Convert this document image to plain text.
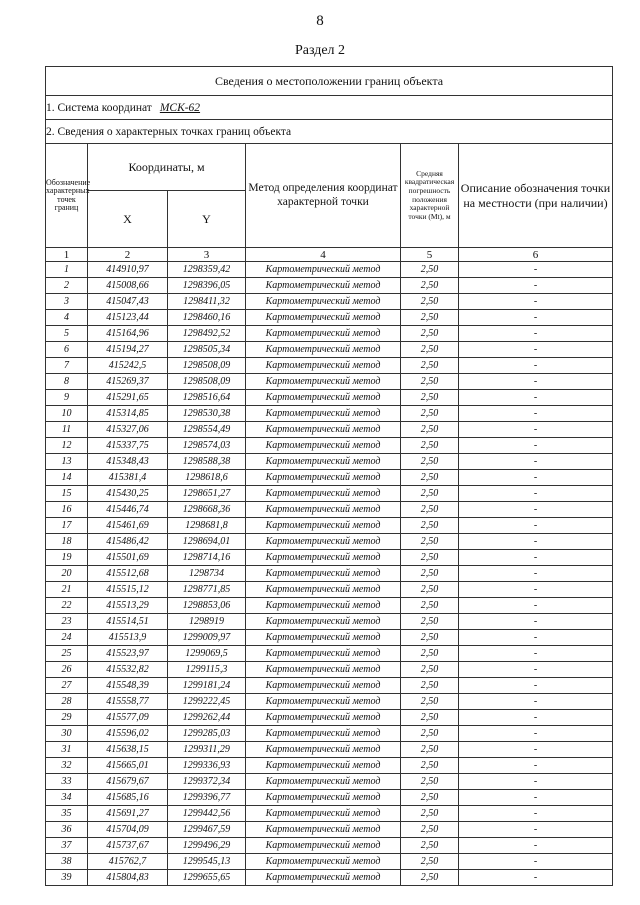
8
Раздел 2
Сведения о местоположении границ объекта					
1. Система координат МСК-62					
2. Сведения о характерных точках границ объекта					
Обозначение характерных точек границ	Координаты, м		Метод определения координат характерной точки	Средняя квадратическая погрешность положения характерной точки (Mt), м	Описание обозначения точки на местности (при наличии)
	X	Y			
1	2	3	4	5	6
1	414910,97	1298359,42	Картометрический метод	2,50	-
2	415008,66	1298396,05	Картометрический метод	2,50	-
3	415047,43	1298411,32	Картометрический метод	2,50	-
4	415123,44	1298460,16	Картометрический метод	2,50	-
5	415164,96	1298492,52	Картометрический метод	2,50	-
6	415194,27	1298505,34	Картометрический метод	2,50	-
7	415242,5	1298508,09	Картометрический метод	2,50	-
8	415269,37	1298508,09	Картометрический метод	2,50	-
9	415291,65	1298516,64	Картометрический метод	2,50	-
10	415314,85	1298530,38	Картометрический метод	2,50	-
11	415327,06	1298554,49	Картометрический метод	2,50	-
12	415337,75	1298574,03	Картометрический метод	2,50	-
13	415348,43	1298588,38	Картометрический метод	2,50	-
14	415381,4	1298618,6	Картометрический метод	2,50	-
15	415430,25	1298651,27	Картометрический метод	2,50	-
16	415446,74	1298668,36	Картометрический метод	2,50	-
17	415461,69	1298681,8	Картометрический метод	2,50	-
18	415486,42	1298694,01	Картометрический метод	2,50	-
19	415501,69	1298714,16	Картометрический метод	2,50	-
20	415512,68	1298734	Картометрический метод	2,50	-
21	415515,12	1298771,85	Картометрический метод	2,50	-
22	415513,29	1298853,06	Картометрический метод	2,50	-
23	415514,51	1298919	Картометрический метод	2,50	-
24	415513,9	1299009,97	Картометрический метод	2,50	-
25	415523,97	1299069,5	Картометрический метод	2,50	-
26	415532,82	1299115,3	Картометрический метод	2,50	-
27	415548,39	1299181,24	Картометрический метод	2,50	-
28	415558,77	1299222,45	Картометрический метод	2,50	-
29	415577,09	1299262,44	Картометрический метод	2,50	-
30	415596,02	1299285,03	Картометрический метод	2,50	-
31	415638,15	1299311,29	Картометрический метод	2,50	-
32	415665,01	1299336,93	Картометрический метод	2,50	-
33	415679,67	1299372,34	Картометрический метод	2,50	-
34	415685,16	1299396,77	Картометрический метод	2,50	-
35	415691,27	1299442,56	Картометрический метод	2,50	-
36	415704,09	1299467,59	Картометрический метод	2,50	-
37	415737,67	1299496,29	Картометрический метод	2,50	-
38	415762,7	1299545,13	Картометрический метод	2,50	-
39	415804,83	1299655,65	Картометрический метод	2,50	-
